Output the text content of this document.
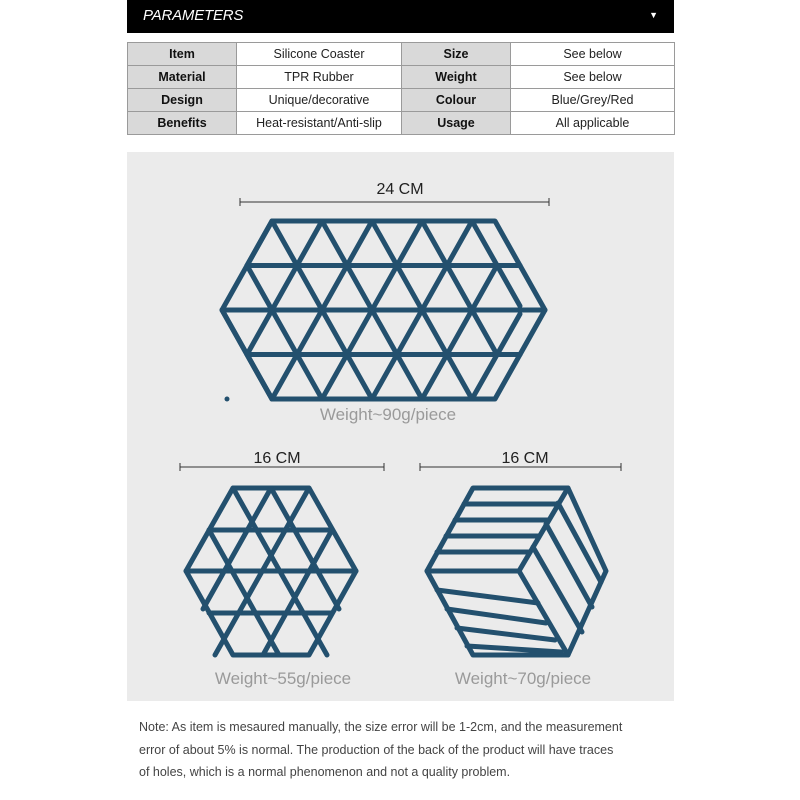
PARAMETERS	▼
Item	Silicone Coaster	Size	See below
Material	TPR Rubber	Weight	See below
Design	Unique/decorative	Colour	Blue/Grey/Red
Benefits	Heat-resistant/Anti-slip	Usage	All applicable
24 CM
16 CM	16 CM
Weight~90g/piece
Weight~55g/piece	Weight~70g/piece
Note: As item is mesaured manually, the size error will be 1-2cm, and the measurement
error of about 5% is normal. The production of the back of the product will have traces
of holes, which is a normal phenomenon and not a quality problem.
